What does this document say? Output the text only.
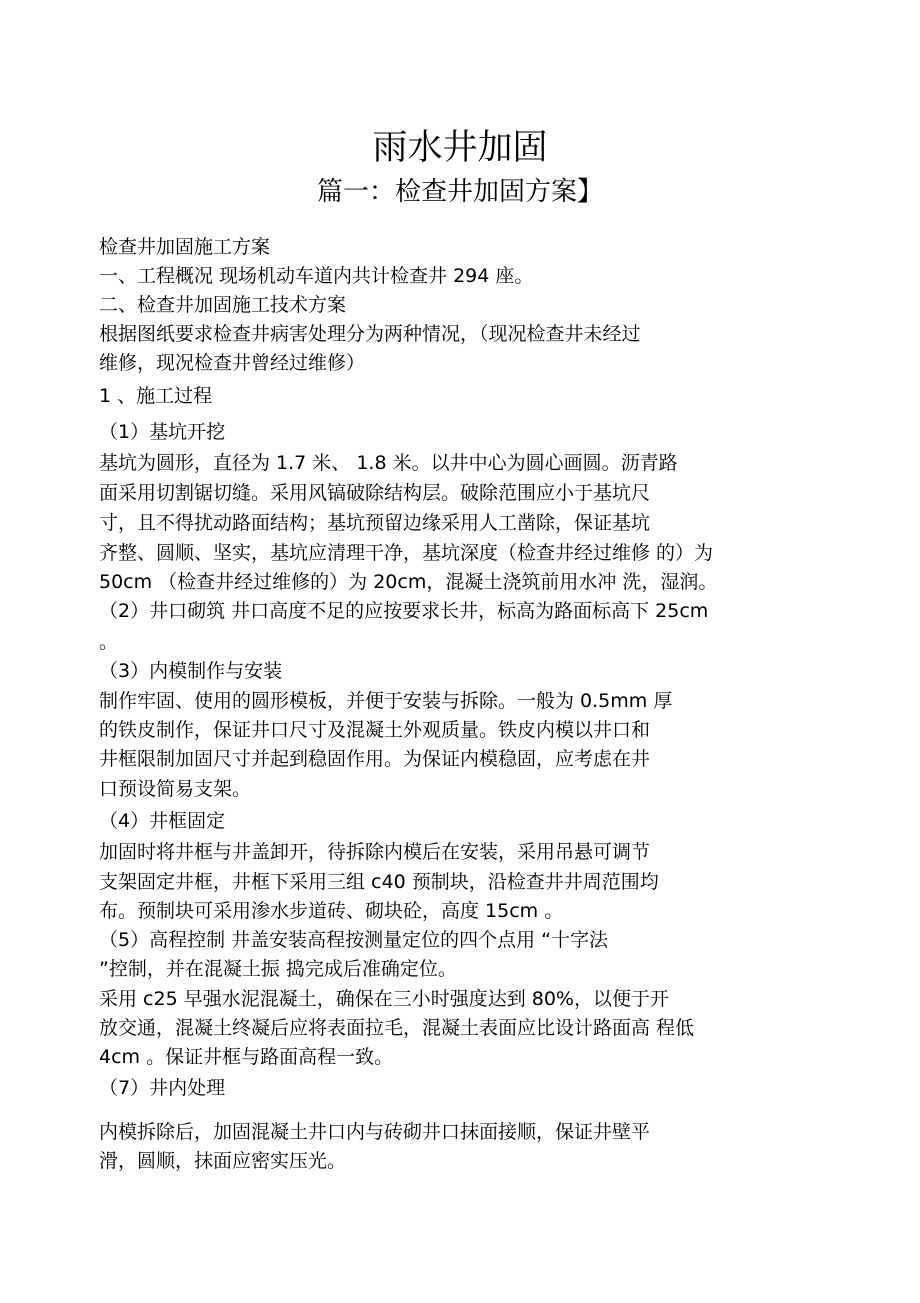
雨水井加固
篇一：检查井加固方案】
检查井加固施工方案
一、工程概况 现场机动车道内共计检查井 294 座。
二、检查井加固施工技术方案
根据图纸要求检查井病害处理分为两种情况，（现况检查井未经过
维修，现况检查井曾经过维修）
1 、施工过程
（1）基坑开挖
基坑为圆形，直径为 1.7 米、 1.8 米。以井中心为圆心画圆。沥青路
面采用切割锯切缝。采用风镐破除结构层。破除范围应小于基坑尺
寸，且不得扰动路面结构；基坑预留边缘采用人工凿除，保证基坑
齐整、圆顺、坚实，基坑应清理干净，基坑深度（检查井经过维修 的）为
50cm （检查井经过维修的）为 20cm，混凝土浇筑前用水冲 洗，湿润。
（2）井口砌筑 井口高度不足的应按要求长井，标高为路面标高下 25cm
。
（3）内模制作与安装
制作牢固、使用的圆形模板，并便于安装与拆除。一般为 0.5mm 厚
的铁皮制作，保证井口尺寸及混凝土外观质量。铁皮内模以井口和
井框限制加固尺寸并起到稳固作用。为保证内模稳固，应考虑在井
口预设简易支架。
（4）井框固定
加固时将井框与井盖卸开，待拆除内模后在安装，采用吊悬可调节
支架固定井框，井框下采用三组 c40 预制块，沿检查井井周范围均
布。预制块可采用渗水步道砖、砌块砼，高度 15cm 。
（5）高程控制 井盖安装高程按测量定位的四个点用 “十字法
”控制，并在混凝土振 捣完成后准确定位。
采用 c25 早强水泥混凝土，确保在三小时强度达到 80%，以便于开
放交通，混凝土终凝后应将表面拉毛，混凝土表面应比设计路面高 程低
4cm 。保证井框与路面高程一致。
（7）井内处理
内模拆除后，加固混凝土井口内与砖砌井口抹面接顺，保证井壁平
滑，圆顺，抹面应密实压光。
